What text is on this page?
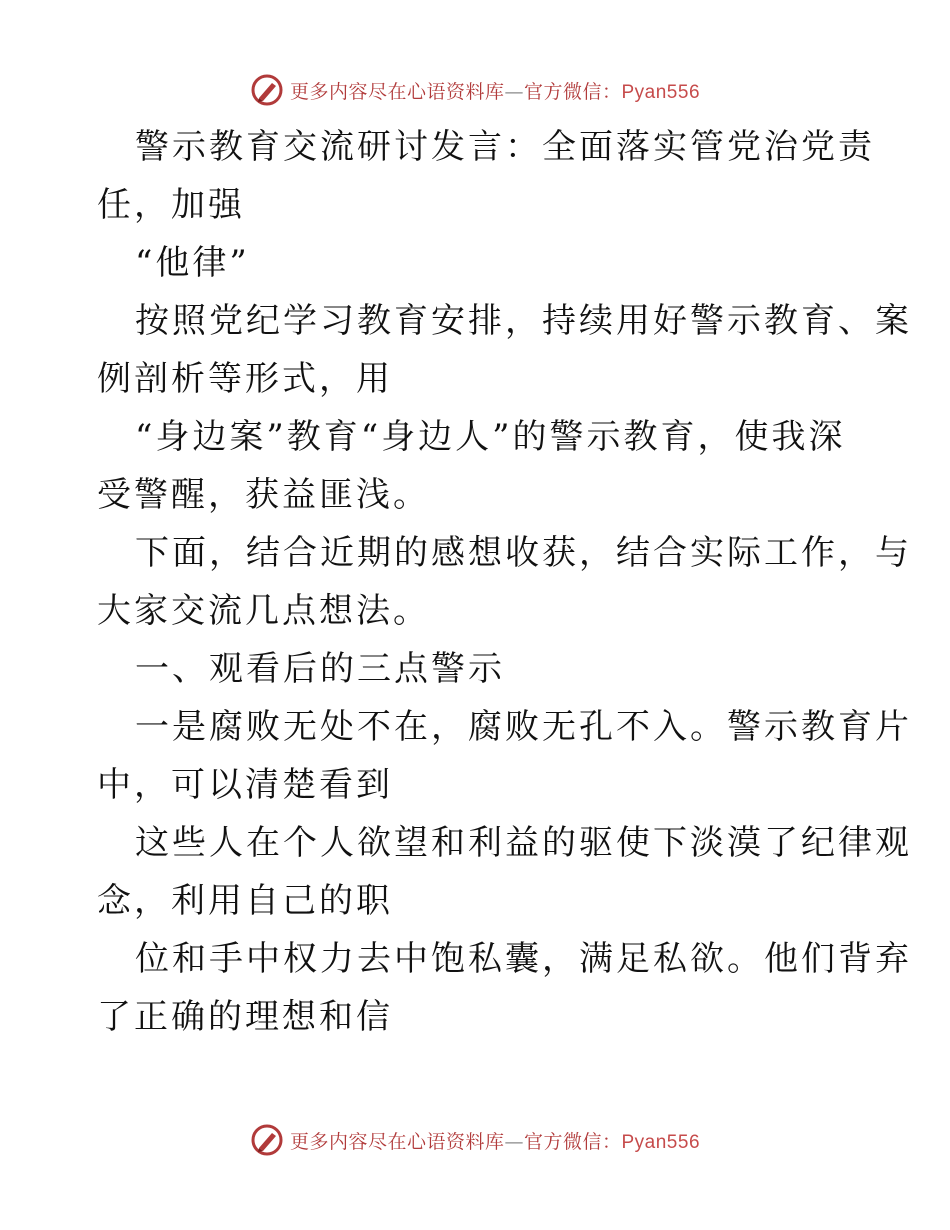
更多内容尽在心语资料库—官方微信：Pyan556
警示教育交流研讨发言：全面落实管党治党责
任，加强
“他律”
按照党纪学习教育安排，持续用好警示教育、案
例剖析等形式，用
“身边案”教育“身边人”的警示教育，使我深
受警醒，获益匪浅。
下面，结合近期的感想收获，结合实际工作，与
大家交流几点想法。
一、观看后的三点警示
一是腐败无处不在，腐败无孔不入。警示教育片
中，可以清楚看到
这些人在个人欲望和利益的驱使下淡漠了纪律观
念，利用自己的职
位和手中权力去中饱私囊，满足私欲。他们背弃
了正确的理想和信
更多内容尽在心语资料库—官方微信：Pyan556
